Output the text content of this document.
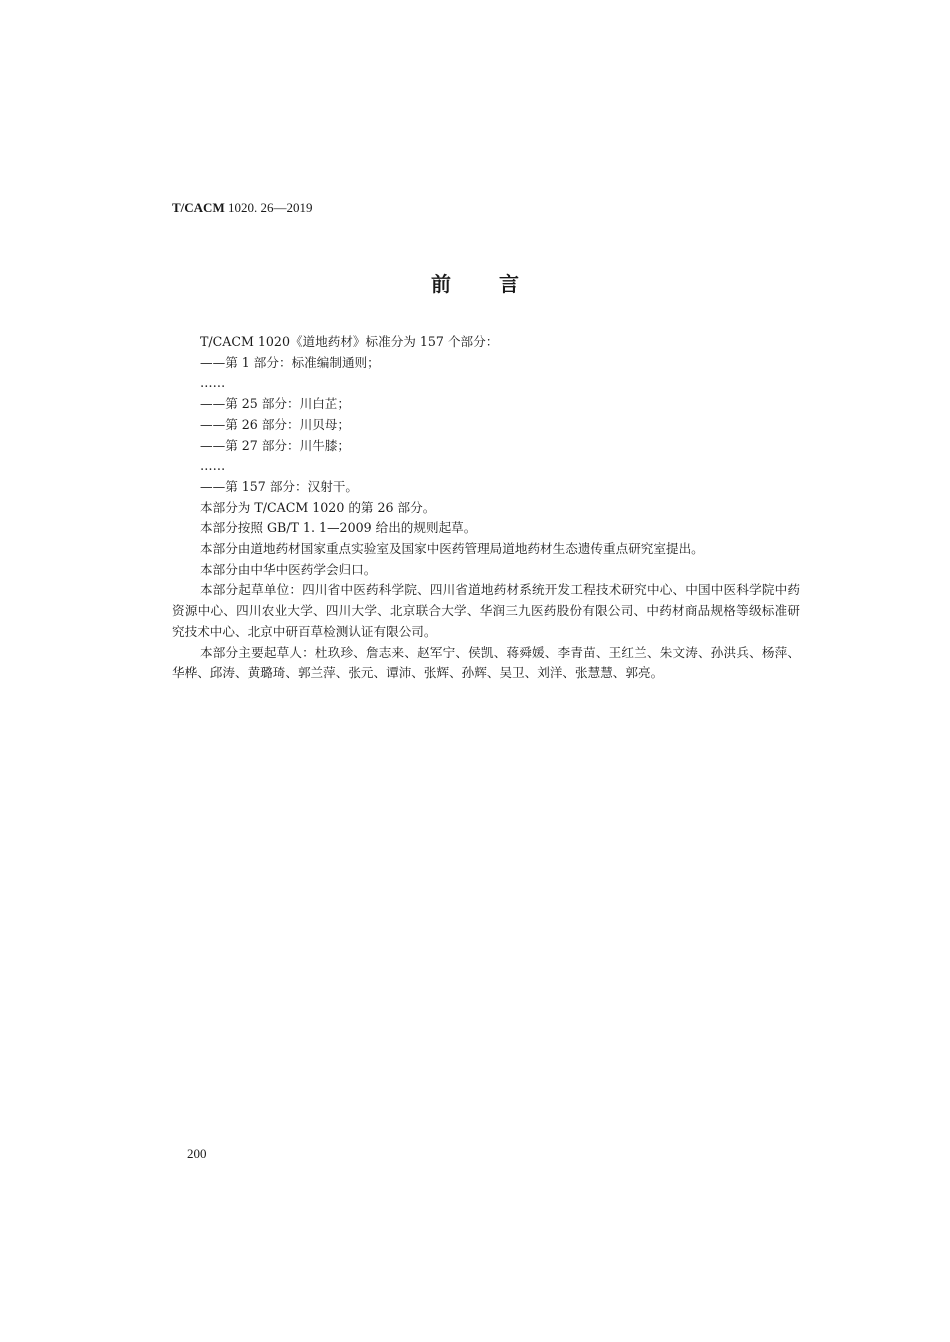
T/CACM 1020. 26—2019
前 言
T/CACM 1020《道地药材》标准分为 157 个部分：
——第 1 部分：标准编制通则；
……
——第 25 部分：川白芷；
——第 26 部分：川贝母；
——第 27 部分：川牛膝；
……
——第 157 部分：汉射干。
本部分为 T/CACM 1020 的第 26 部分。
本部分按照 GB/T 1. 1—2009 给出的规则起草。
本部分由道地药材国家重点实验室及国家中医药管理局道地药材生态遗传重点研究室提出。
本部分由中华中医药学会归口。
本部分起草单位：四川省中医药科学院、四川省道地药材系统开发工程技术研究中心、中国中医科学院中药资源中心、四川农业大学、四川大学、北京联合大学、华润三九医药股份有限公司、中药材商品规格等级标准研究技术中心、北京中研百草检测认证有限公司。
本部分主要起草人：杜玖珍、詹志来、赵军宁、侯凯、蒋舜媛、李青苗、王红兰、朱文涛、孙洪兵、杨萍、华桦、邱涛、黄璐琦、郭兰萍、张元、谭沛、张辉、孙辉、吴卫、刘洋、张慧慧、郭亮。
200
